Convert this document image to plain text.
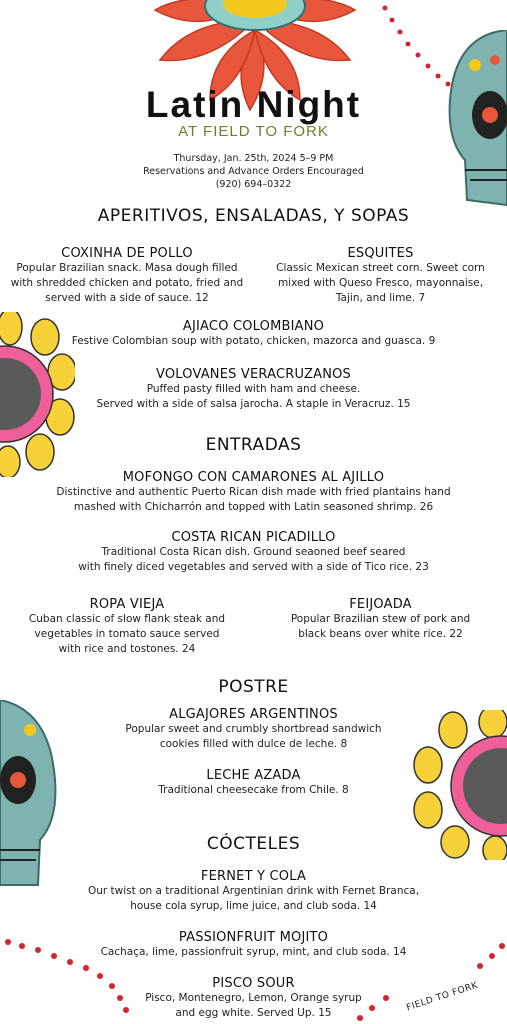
Latin Night
AT FIELD TO FORK
Thursday, Jan. 25th, 2024 5–9 PM
Reservations and Advance Orders Encouraged
(920) 694–0322
APERITIVOS, ENSALADAS, Y SOPAS
COXINHA DE POLLO
Popular Brazilian snack. Masa dough filled
with shredded chicken and potato, fried and
served with a side of sauce. 12
ESQUITES
Classic Mexican street corn. Sweet corn
mixed with Queso Fresco, mayonnaise,
Tajin, and lime. 7
AJIACO COLOMBIANO
Festive Colombian soup with potato, chicken, mazorca and guasca. 9
VOLOVANES VERACRUZANOS
Puffed pasty filled with ham and cheese.
Served with a side of salsa jarocha. A staple in Veracruz. 15
ENTRADAS
MOFONGO CON CAMARONES AL AJILLO
Distinctive and authentic Puerto Rican dish made with fried plantains hand
mashed with Chicharrón and topped with Latin seasoned shrimp. 26
COSTA RICAN PICADILLO
Traditional Costa Rican dish. Ground seaoned beef seared
with finely diced vegetables and served with a side of Tico rice. 23
ROPA VIEJA
Cuban classic of slow flank steak and
vegetables in tomato sauce served
with rice and tostones. 24
FEIJOADA
Popular Brazilian stew of pork and
black beans over white rice. 22
POSTRE
ALGAJORES ARGENTINOS
Popular sweet and crumbly shortbread sandwich
cookies filled with dulce de leche. 8
LECHE AZADA
Traditional cheesecake from Chile. 8
CÓCTELES
FERNET Y COLA
Our twist on a traditional Argentinian drink with Fernet Branca,
house cola syrup, lime juice, and club soda. 14
PASSIONFRUIT MOJITO
Cachaça, lime, passionfruit syrup, mint, and club soda. 14
PISCO SOUR
Pisco, Montenegro, Lemon, Orange syrup
and egg white. Served Up. 15	FIELD TO FORK
